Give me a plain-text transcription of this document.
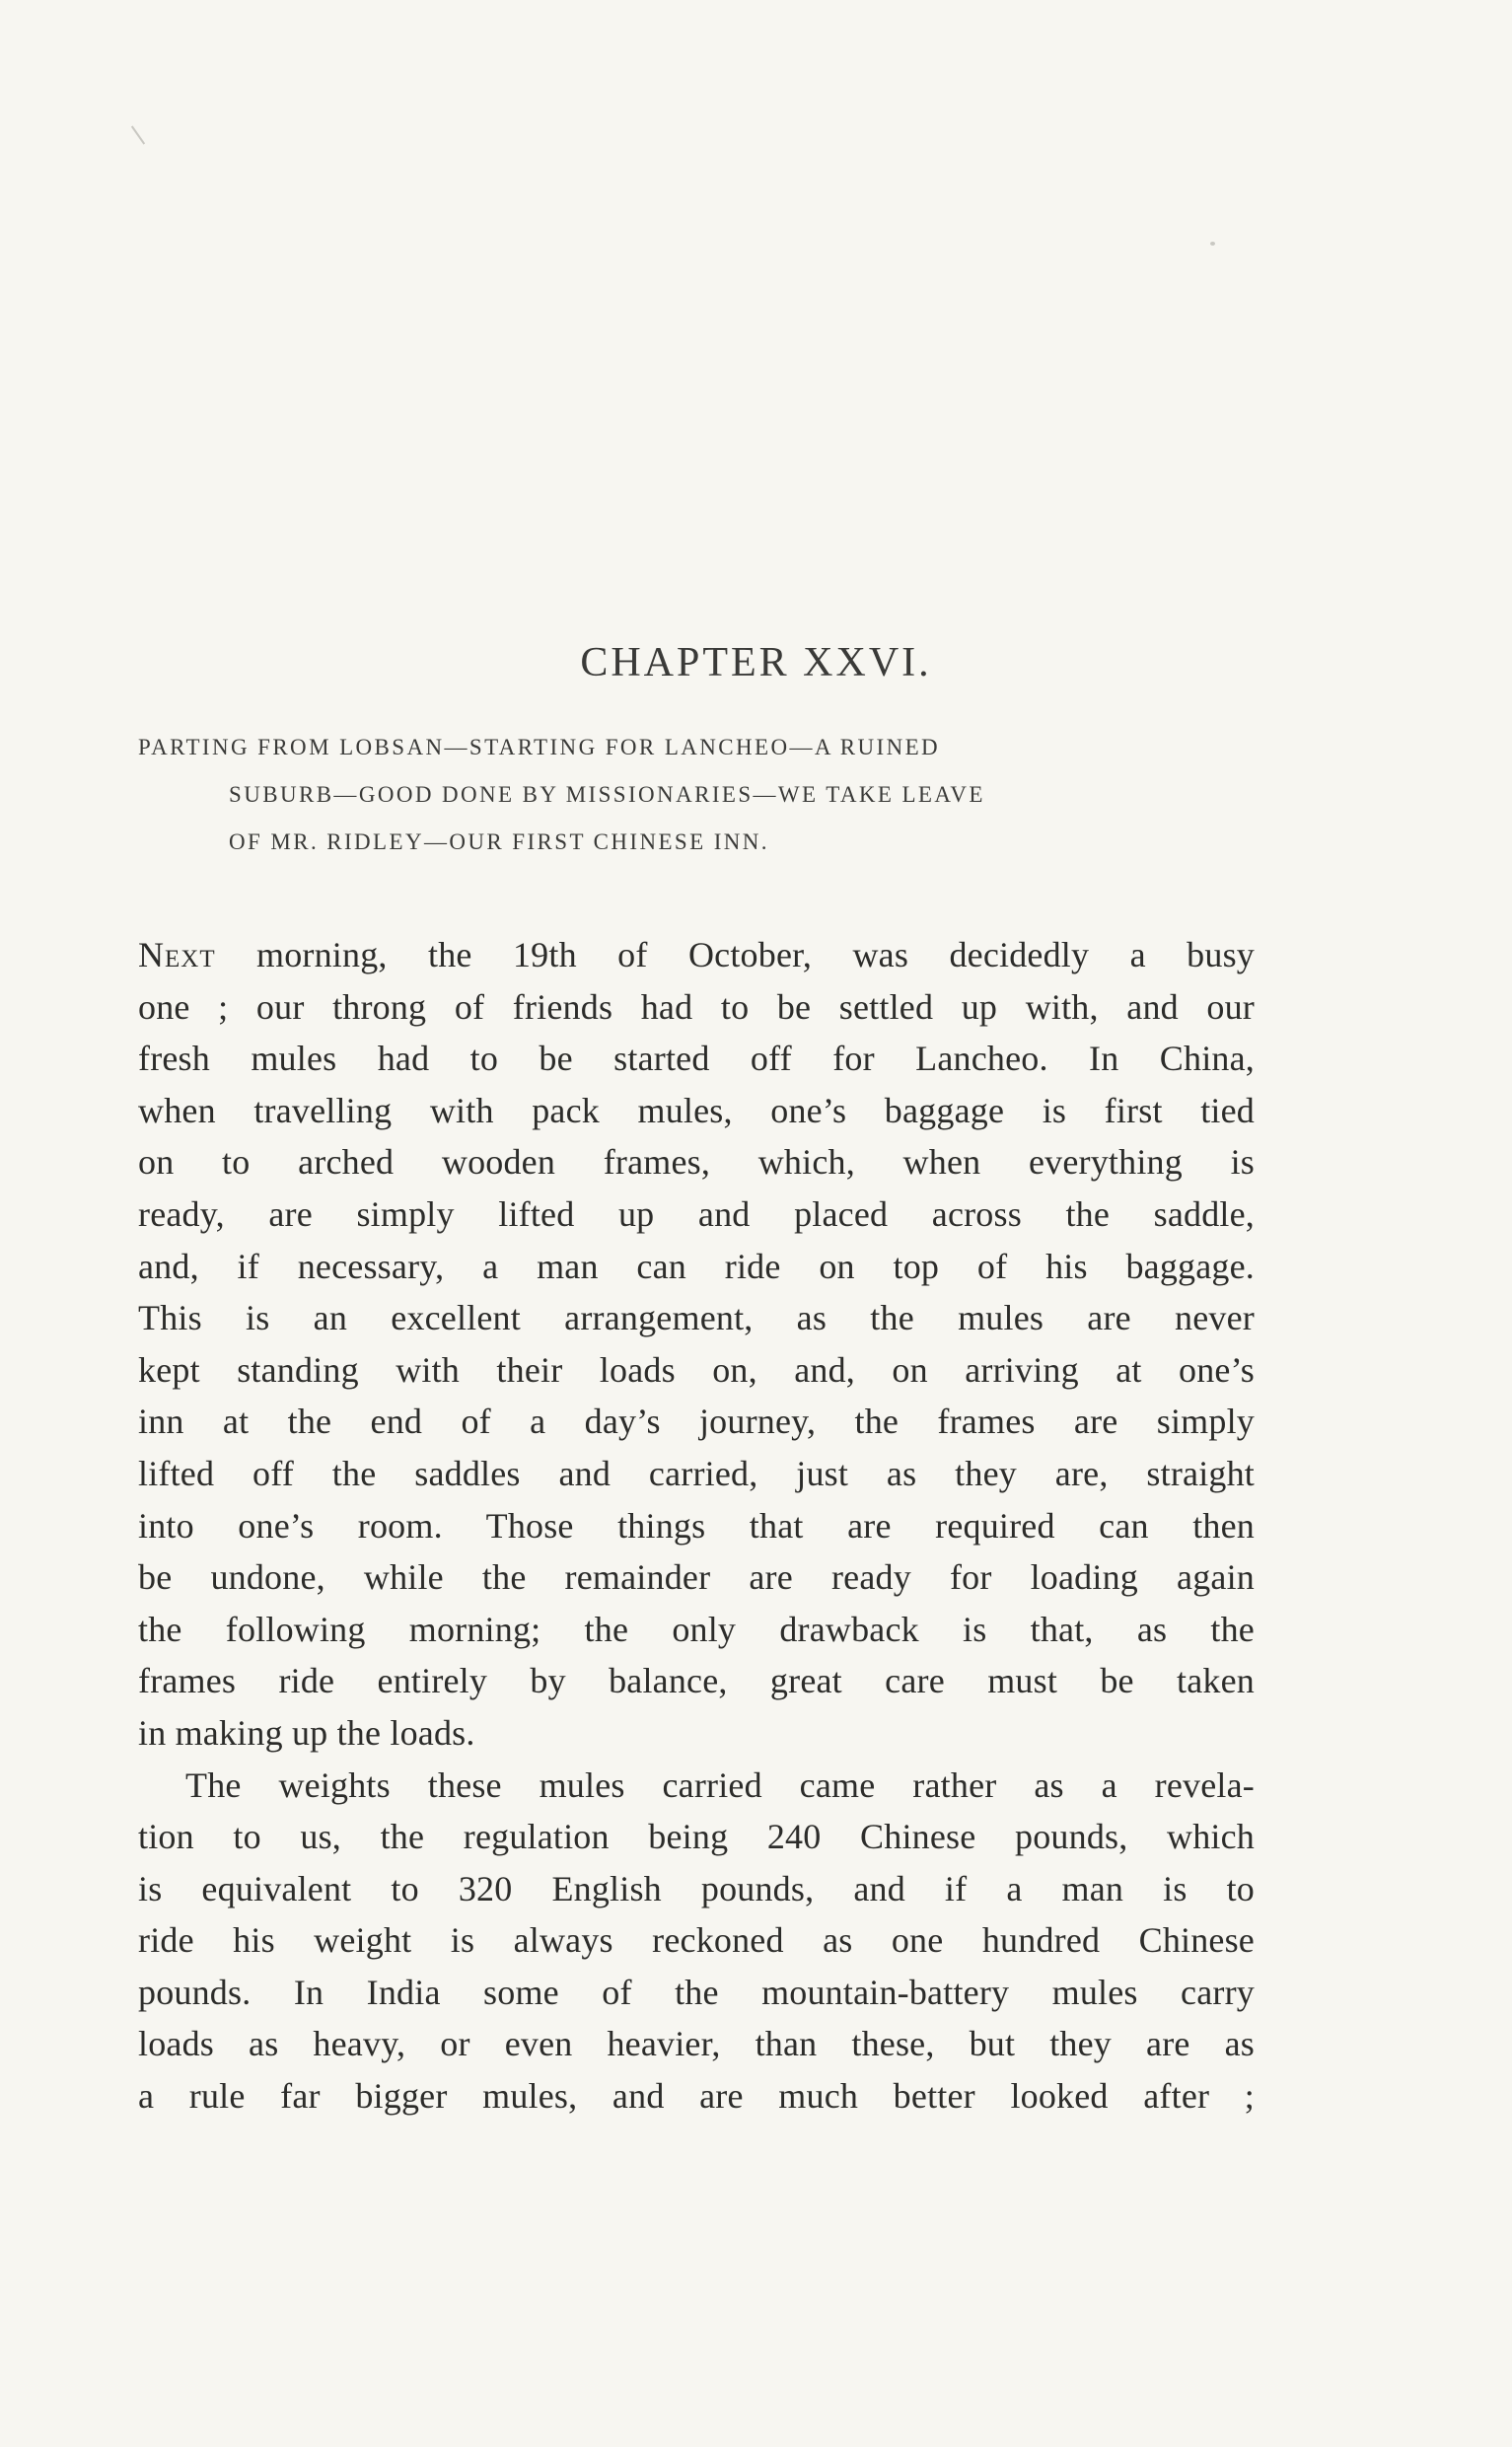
CHAPTER XXVI.
PARTING FROM LOBSAN—STARTING FOR LANCHEO—A RUINED
SUBURB—GOOD DONE BY MISSIONARIES—WE TAKE LEAVE
OF MR. RIDLEY—OUR FIRST CHINESE INN.
Next morning, the 19th of October, was decidedly a busy
one ; our throng of friends had to be settled up with, and our
fresh mules had to be started off for Lancheo. In China,
when travelling with pack mules, one’s baggage is first tied
on to arched wooden frames, which, when everything is
ready, are simply lifted up and placed across the saddle,
and, if necessary, a man can ride on top of his baggage.
This is an excellent arrangement, as the mules are never
kept standing with their loads on, and, on arriving at one’s
inn at the end of a day’s journey, the frames are simply
lifted off the saddles and carried, just as they are, straight
into one’s room. Those things that are required can then
be undone, while the remainder are ready for loading again
the following morning; the only drawback is that, as the
frames ride entirely by balance, great care must be taken
in making up the loads.
The weights these mules carried came rather as a revela-
tion to us, the regulation being 240 Chinese pounds, which
is equivalent to 320 English pounds, and if a man is to
ride his weight is always reckoned as one hundred Chinese
pounds. In India some of the mountain-battery mules carry
loads as heavy, or even heavier, than these, but they are as
a rule far bigger mules, and are much better looked after ;
